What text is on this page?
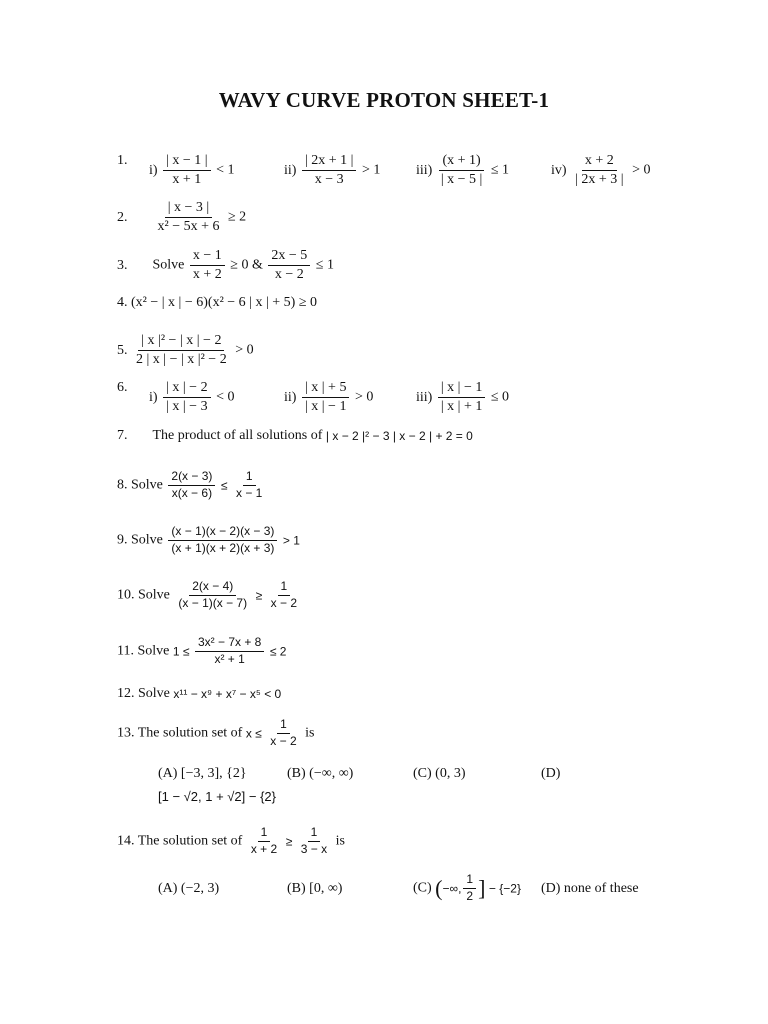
WAVY CURVE PROTON SHEET-1
1.
$i) \frac{| x - 1 |}{x + 1} < 1$	$ii) \frac{| 2x + 1 |}{x - 3} > 1$	$iii) \frac{(x + 1)}{| x - 5 |} \le 1$	$iv) \frac{x + 2}{| 2x + 3 |} > 0$
2. $\frac{| x - 3 |}{\text{x² − 5x + 6}} \ge 2$
3. Solve $\frac{x - 1}{x + 2} \ge 0$ & $\frac{2x - 5}{x - 2} \le 1$
4. (x² − | x | − 6)(x² − 6 | x | + 5) ≥ 0
5. $\frac{\text{| x |² − | x | − 2}}{\text{2 | x | − | x |² − 2}} > 0$
6.
$i) \frac{| x | - 2}{| x | - 3} < 0$	$ii) \frac{| x | + 5}{| x | - 1} > 0$	$iii) \frac{| x | - 1}{| x | + 1} \le 0$
7. The product of all solutions of | x − 2 |² − 3 | x − 2 | + 2 = 0
8. Solve $\frac{2(x - 3)}{x(x - 6)} \le \frac{1}{x - 1}$
9. Solve $\frac{(x - 1)(x - 2)(x - 3)}{(x + 1)(x + 2)(x + 3)} > 1$
10. Solve $\frac{2(x - 4)}{(x - 1)(x - 7)} \ge \frac{1}{x - 2}$
11. Solve $1 \le \frac{\text{3x² − 7x + 8}}{\text{x² + 1}} \le 2$
12. Solve x¹¹ − x⁹ + x⁷ − x⁵ < 0
13. The solution set of $x \le \frac{1}{x - 2}$ is
(A) [−3, 3], {2}	(B) (−∞, ∞)	(C) (0, 3)	(D)
[1 − √2, 1 + √2] − {2}
14. The solution set of $\frac{1}{x + 2} \ge \frac{1}{3 - x}$ is
(A) (−2, 3)	(B) [0, ∞)	(C) (−∞, $\frac{1}{2}$ ] − {−2} (D) none of these
